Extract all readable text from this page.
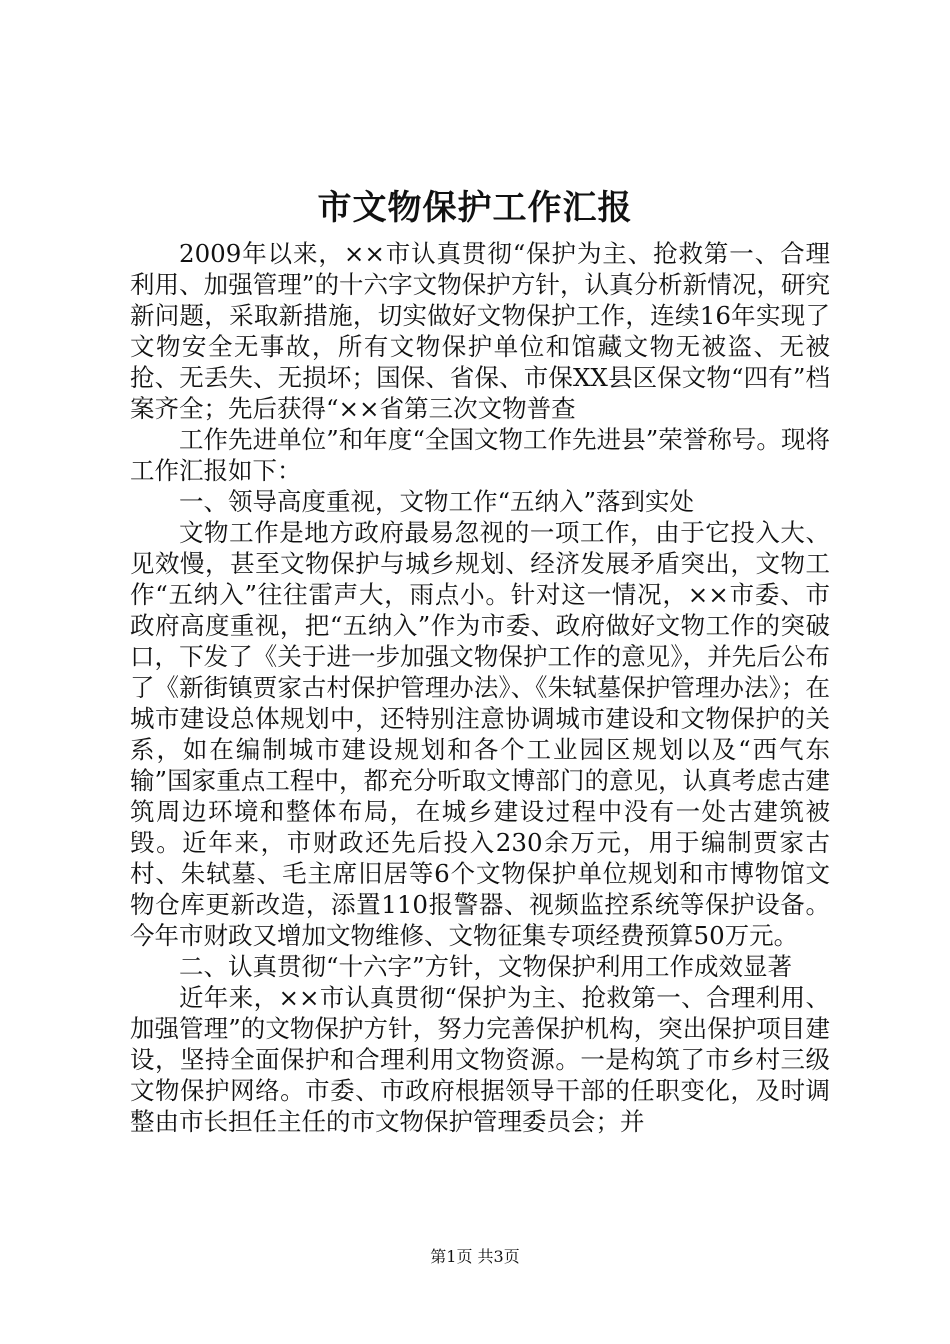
市文物保护工作汇报

2009年以来，××市认真贯彻“保护为主、抢救第一、合理利用、加强管理”的十六字文物保护方针，认真分析新情况，研究新问题，采取新措施，切实做好文物保护工作，连续16年实现了文物安全无事故，所有文物保护单位和馆藏文物无被盗、无被抢、无丢失、无损坏；国保、省保、市保XX县区保文物“四有”档案齐全；先后获得“××省第三次文物普查

工作先进单位”和年度“全国文物工作先进县”荣誉称号。现将工作汇报如下：

一、领导高度重视，文物工作“五纳入”落到实处

文物工作是地方政府最易忽视的一项工作，由于它投入大、见效慢，甚至文物保护与城乡规划、经济发展矛盾突出，文物工作“五纳入”往往雷声大，雨点小。针对这一情况，××市委、市政府高度重视，把“五纳入”作为市委、政府做好文物工作的突破口，下发了《关于进一步加强文物保护工作的意见》，并先后公布了《新街镇贾家古村保护管理办法》、《朱轼墓保护管理办法》；在城市建设总体规划中，还特别注意协调城市建设和文物保护的关系，如在编制城市建设规划和各个工业园区规划以及“西气东输”国家重点工程中，都充分听取文博部门的意见，认真考虑古建筑周边环境和整体布局，在城乡建设过程中没有一处古建筑被毁。近年来，市财政还先后投入230余万元，用于编制贾家古村、朱轼墓、毛主席旧居等6个文物保护单位规划和市博物馆文物仓库更新改造，添置110报警器、视频监控系统等保护设备。今年市财政又增加文物维修、文物征集专项经费预算50万元。

二、认真贯彻“十六字”方针，文物保护利用工作成效显著

近年来，××市认真贯彻“保护为主、抢救第一、合理利用、加强管理”的文物保护方针，努力完善保护机构，突出保护项目建设，坚持全面保护和合理利用文物资源。一是构筑了市乡村三级文物保护网络。市委、市政府根据领导干部的任职变化，及时调整由市长担任主任的市文物保护管理委员会；并

第1页 共3页
